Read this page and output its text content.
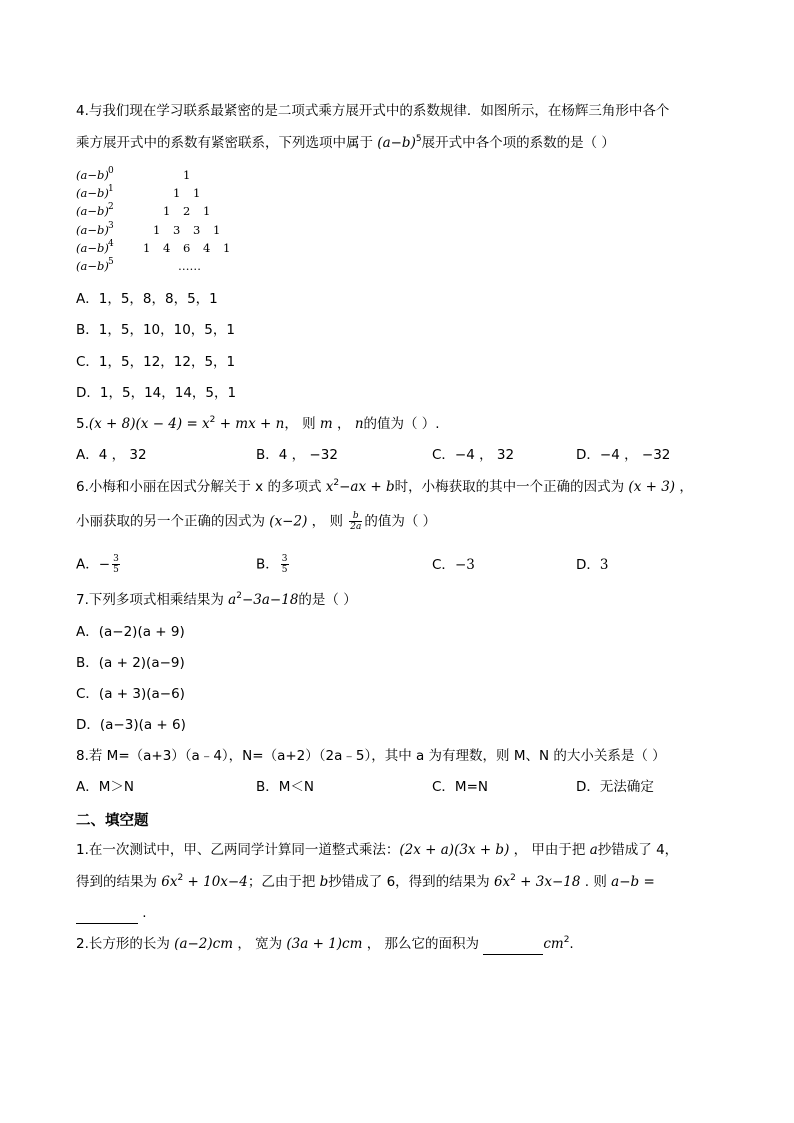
4.与我们现在学习联系最紧密的是二项式乘方展开式中的系数规律．如图所示，在杨辉三角形中各个
乘方展开式中的系数有紧密联系，下列选项中属于 $(a-b)^5$展开式中各个项的系数的是（ ）
(a−b) $^0$	1
(a−b) $^1$	1 1
(a−b) $^2$	1 2 1
(a−b) $^3$	1 3 3 1
(a−b) $^4$	1 4 6 4 1
(a−b) $^5$	……
A．1，5，8，8，5，1
B．1，5，10，10，5，1
C．1，5，12，12，5，1
D．1，5，14，14，5，1
$5.(x + 8)(x - 4) = x^2$ + mx + n， 则 m ， n的值为（ ）.
A．4 ， 32	B．4 ， −32	C．−4 ， 32	D．−4 ， −32
6.小梅和小丽在因式分解关于 x 的多项式 $x^2-ax + b$时，小梅获取的其中一个正确的因式为 (x + 3) ，
小丽获取的另一个正确的因式为 (x−2) ， 则 $\frac{b}{2a}$ 的值为（ ）
A．− $\frac{3}{5}$	B． $\frac{3}{5}$	C．−3	D．3
7.下列多项式相乘结果为 $a^2-3a-18$的是（ ）
A．(a−2)(a + 9)
B．(a + 2)(a−9)
C．(a + 3)(a−6)
D．(a−3)(a + 6)
8.若 M=（a+3）（a﹣4），N=（a+2）（2a﹣5），其中 a 为有理数，则 M、N 的大小关系是（ ）
A．M＞N	B．M＜N	C．M=N	D．无法确定
二、填空题
1.在一次测试中，甲、乙两同学计算同一道整式乘法：(2x + a)(3x + b) ， 甲由于把 a抄错成了 4，
得到的结果为 $6x^2 + 10x-4$；乙由于把 b抄错成了 6，得到的结果为 $6x^2 + 3x-18$ . 则 a−b =
.
2.长方形的长为 (a−2)cm ， 宽为 (3a + 1)cm ， 那么它的面积为	$cm^2$.
